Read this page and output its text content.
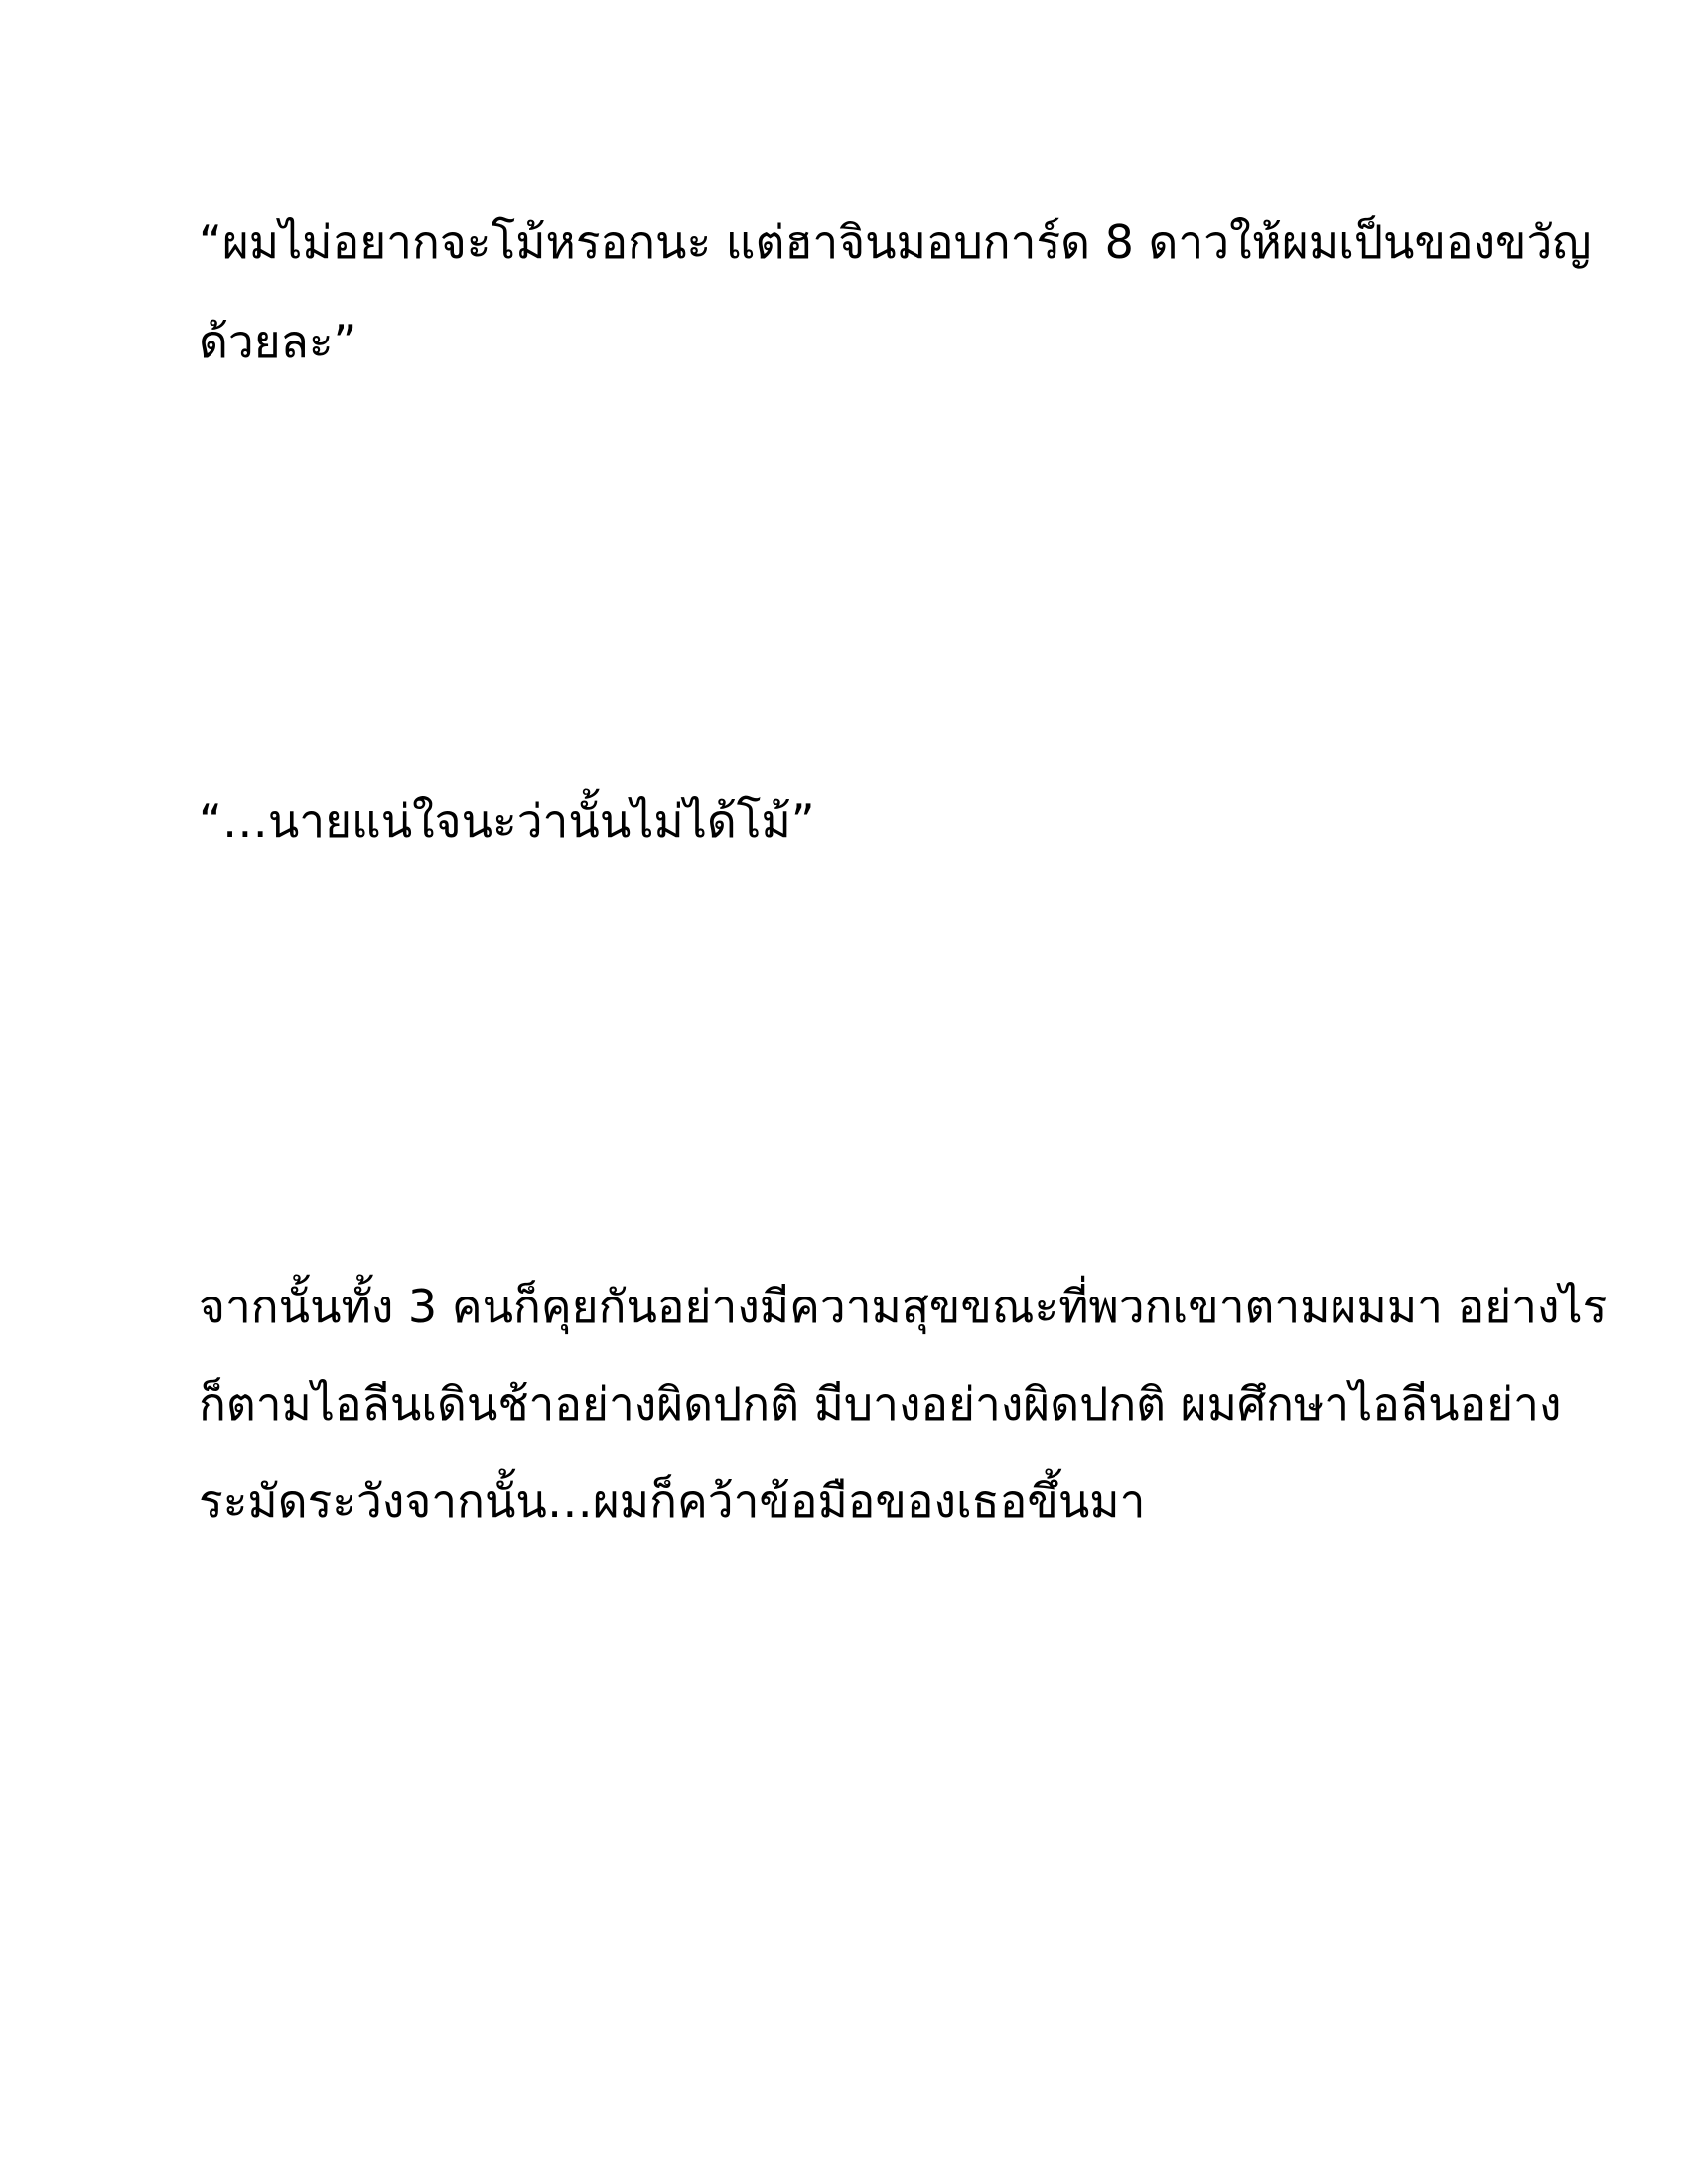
“ผมไม่อยากจะโม้หรอกนะ แต่ฮาจินมอบการ์ด 8 ดาวให้ผมเป็นของขวัญ
ด้วยละ”
“…นายแน่ใจนะว่านั้นไม่ได้โม้”
จากนั้นทั้ง 3 คนก็คุยกันอย่างมีความสุขขณะที่พวกเขาตามผมมา อย่างไร
ก็ตามไอลีนเดินช้าอย่างผิดปกติ มีบางอย่างผิดปกติ ผมศึกษาไอลีนอย่าง
ระมัดระวังจากนั้น…ผมก็คว้าข้อมือของเธอขึ้นมา
